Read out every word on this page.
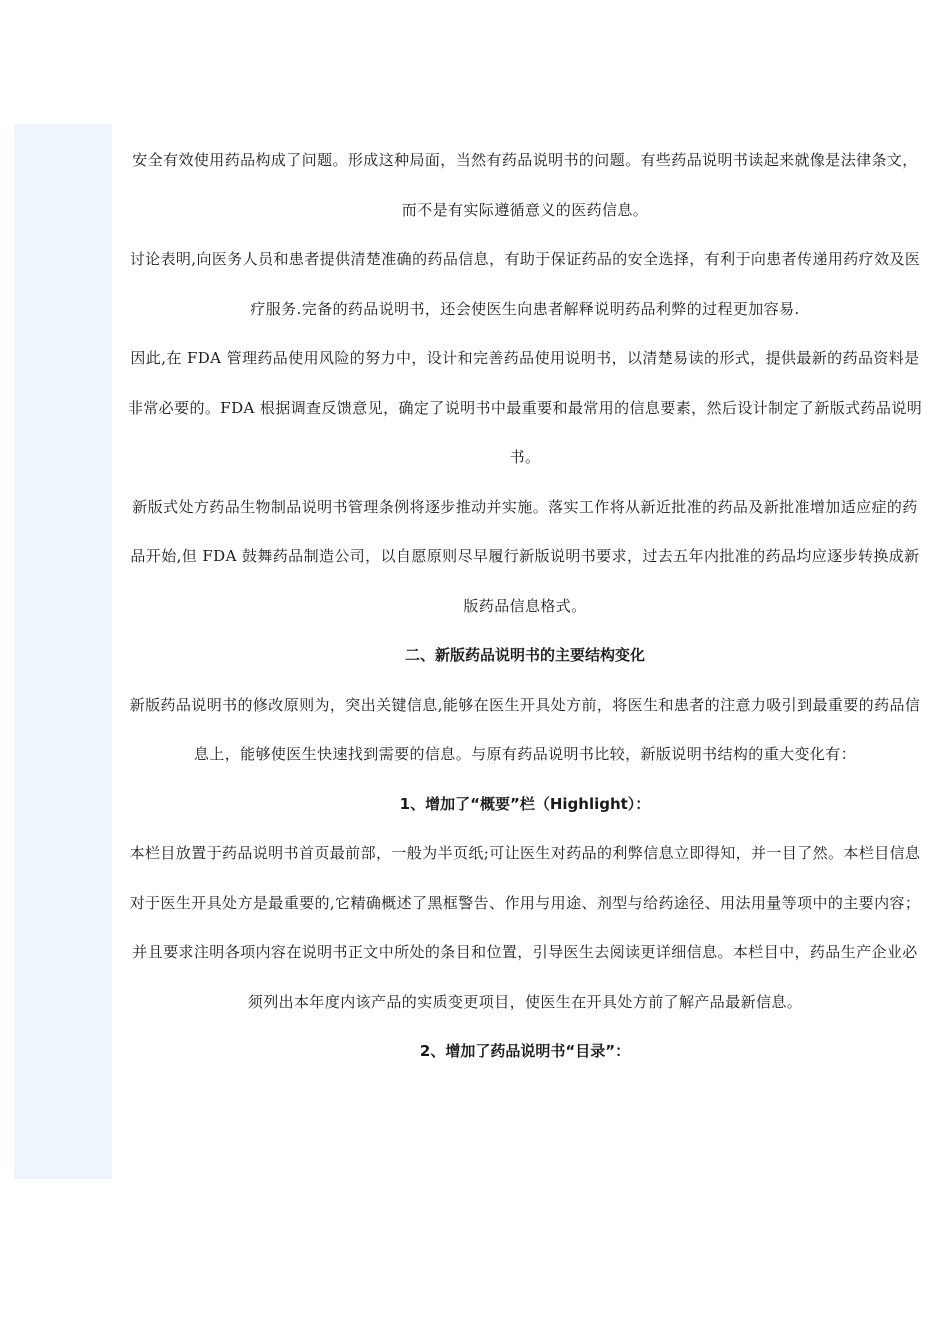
安全有效使用药品构成了问题。形成这种局面，当然有药品说明书的问题。有些药品说明书读起来就像是法律条文，而不是有实际遵循意义的医药信息。

讨论表明,向医务人员和患者提供清楚准确的药品信息，有助于保证药品的安全选择，有利于向患者传递用药疗效及医疗服务.完备的药品说明书，还会使医生向患者解释说明药品利弊的过程更加容易.

因此,在 FDA 管理药品使用风险的努力中，设计和完善药品使用说明书，以清楚易读的形式，提供最新的药品资料是非常必要的。FDA 根据调查反馈意见，确定了说明书中最重要和最常用的信息要素，然后设计制定了新版式药品说明书。

新版式处方药品生物制品说明书管理条例将逐步推动并实施。落实工作将从新近批准的药品及新批准增加适应症的药品开始,但 FDA 鼓舞药品制造公司，以自愿原则尽早履行新版说明书要求，过去五年内批准的药品均应逐步转换成新版药品信息格式。

二、新版药品说明书的主要结构变化

新版药品说明书的修改原则为，突出关键信息,能够在医生开具处方前，将医生和患者的注意力吸引到最重要的药品信息上，能够使医生快速找到需要的信息。与原有药品说明书比较，新版说明书结构的重大变化有：

1、增加了“概要”栏（Highlight）：

本栏目放置于药品说明书首页最前部，一般为半页纸;可让医生对药品的利弊信息立即得知，并一目了然。本栏目信息对于医生开具处方是最重要的,它精确概述了黑框警告、作用与用途、剂型与给药途径、用法用量等项中的主要内容；并且要求注明各项内容在说明书正文中所处的条目和位置，引导医生去阅读更详细信息。本栏目中，药品生产企业必须列出本年度内该产品的实质变更项目，使医生在开具处方前了解产品最新信息。

2、增加了药品说明书“目录”：
